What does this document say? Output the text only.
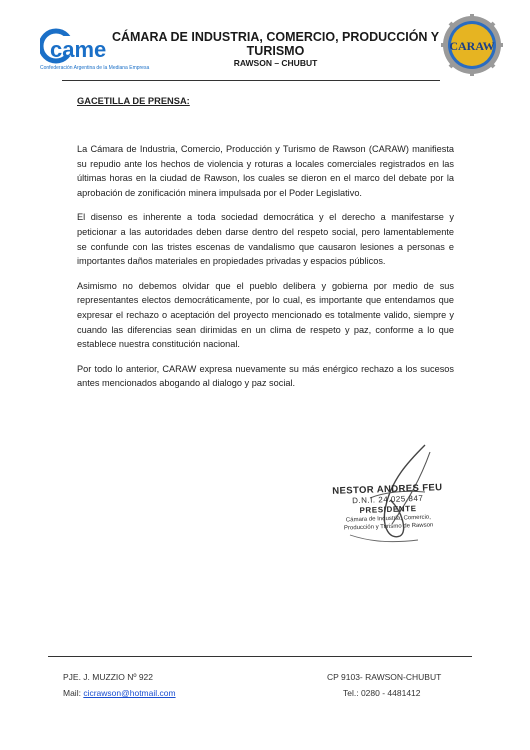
came
Confederación Argentina de la Mediana Empresa
CÁMARA DE INDUSTRIA, COMERCIO, PRODUCCIÓN Y TURISMO
RAWSON – CHUBUT
CARAW
GACETILLA DE PRENSA:

La Cámara de Industria, Comercio, Producción y Turismo de Rawson (CARAW) manifiesta su repudio ante los hechos de violencia y roturas a locales comerciales registrados en las últimas horas en la ciudad de Rawson, los cuales se dieron en el marco del debate por la aprobación de zonificación minera impulsada por el Poder Legislativo.

El disenso es inherente a toda sociedad democrática y el derecho a manifestarse y peticionar a las autoridades deben darse dentro del respeto social, pero lamentablemente se confunde con las tristes escenas de vandalismo que causaron lesiones a personas e importantes daños materiales en propiedades privadas y espacios públicos.

Asimismo no debemos olvidar que el pueblo delibera y gobierna por medio de sus representantes electos democráticamente, por lo cual, es importante que entendamos que expresar el rechazo o aceptación del proyecto mencionado es totalmente valido, siempre y cuando las diferencias sean dirimidas en un clima de respeto y paz, conforme a lo que establece nuestra constitución nacional.

Por todo lo anterior, CARAW expresa nuevamente su más enérgico rechazo a los sucesos antes mencionados abogando al dialogo y paz social.

NESTOR ANDRES FEU
D.N.I. 24.025.847
PRESIDENTE
Cámara de Industria, Comercio,
Producción y Turismo de Rawson
PJE. J. MUZZIO Nº 922
Mail: cicrawson@hotmail.com
CP 9103- RAWSON-CHUBUT
Tel.: 0280 - 4481412
